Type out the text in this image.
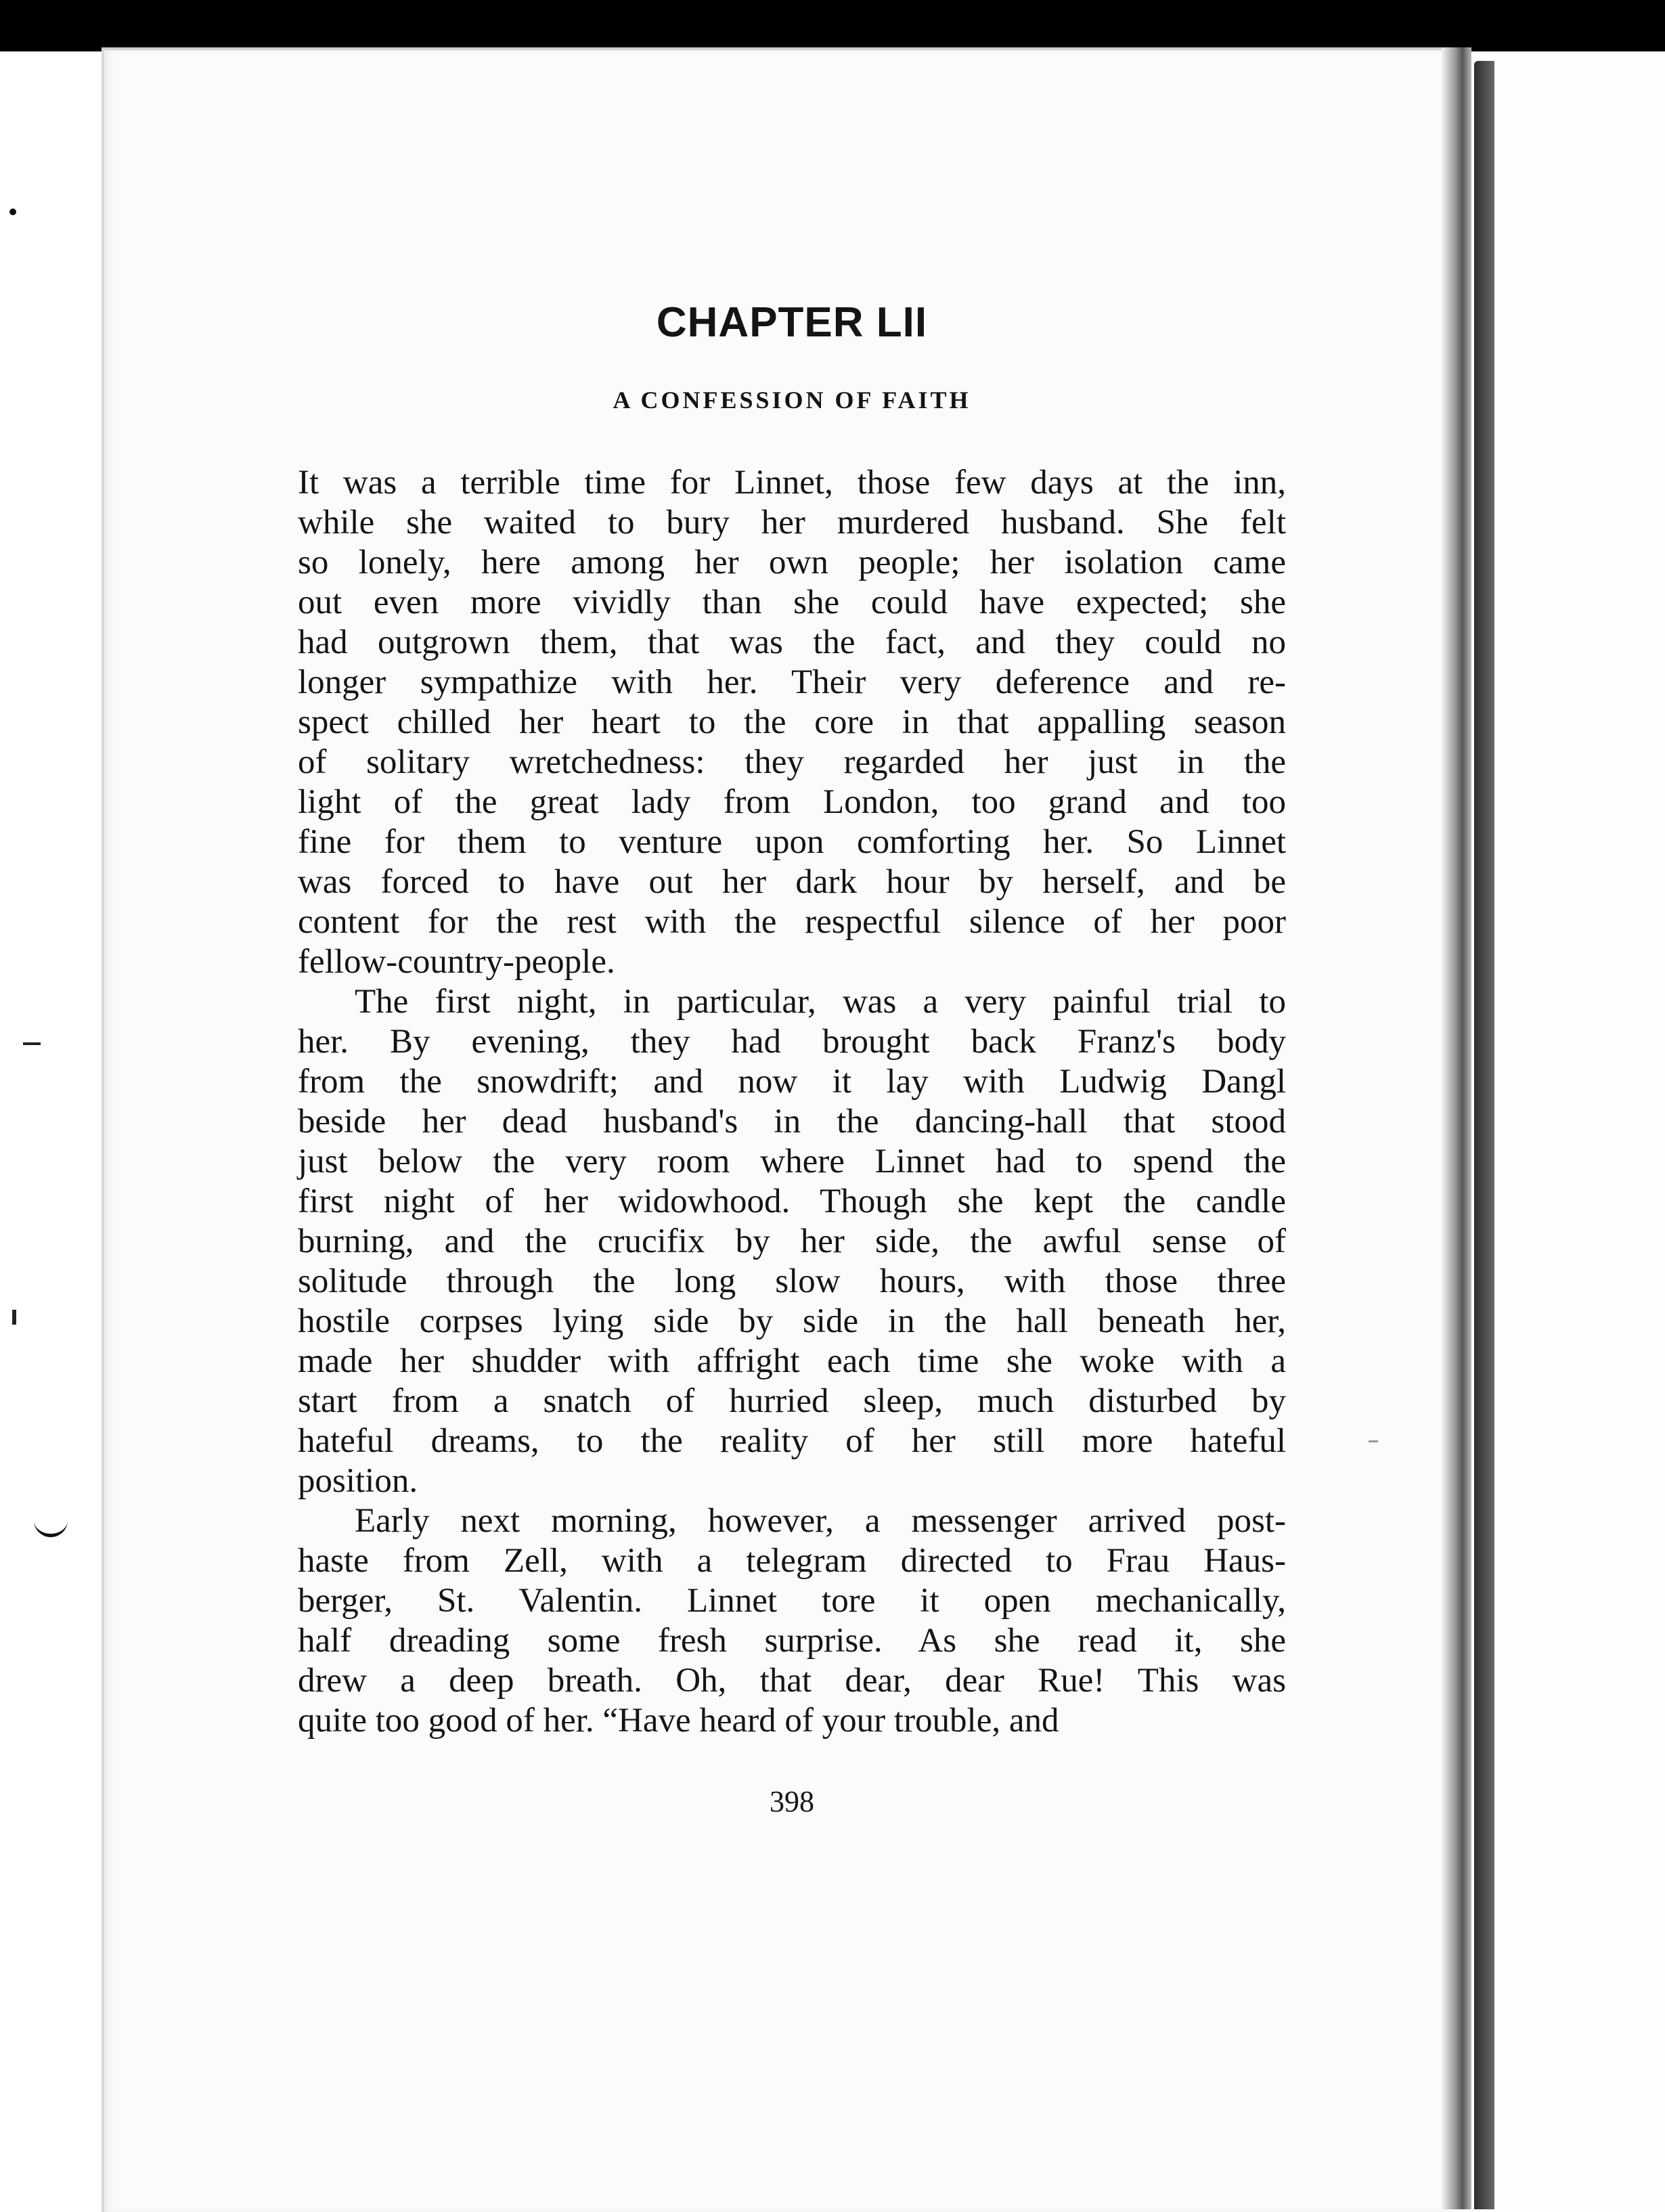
CHAPTER LII
A CONFESSION OF FAITH

It was a terrible time for Linnet, those few days at the inn,
while she waited to bury her murdered husband. She felt
so lonely, here among her own people; her isolation came
out even more vividly than she could have expected; she
had outgrown them, that was the fact, and they could no
longer sympathize with her. Their very deference and re-
spect chilled her heart to the core in that appalling season
of solitary wretchedness: they regarded her just in the
light of the great lady from London, too grand and too
fine for them to venture upon comforting her. So Linnet
was forced to have out her dark hour by herself, and be
content for the rest with the respectful silence of her poor
fellow-country-people.

The first night, in particular, was a very painful trial to
her. By evening, they had brought back Franz's body
from the snowdrift; and now it lay with Ludwig Dangl
beside her dead husband's in the dancing-hall that stood
just below the very room where Linnet had to spend the
first night of her widowhood. Though she kept the candle
burning, and the crucifix by her side, the awful sense of
solitude through the long slow hours, with those three
hostile corpses lying side by side in the hall beneath her,
made her shudder with affright each time she woke with a
start from a snatch of hurried sleep, much disturbed by
hateful dreams, to the reality of her still more hateful
position.

Early next morning, however, a messenger arrived post-
haste from Zell, with a telegram directed to Frau Haus-
berger, St. Valentin. Linnet tore it open mechanically,
half dreading some fresh surprise. As she read it, she
drew a deep breath. Oh, that dear, dear Rue! This was
quite too good of her. “Have heard of your trouble, and

398
